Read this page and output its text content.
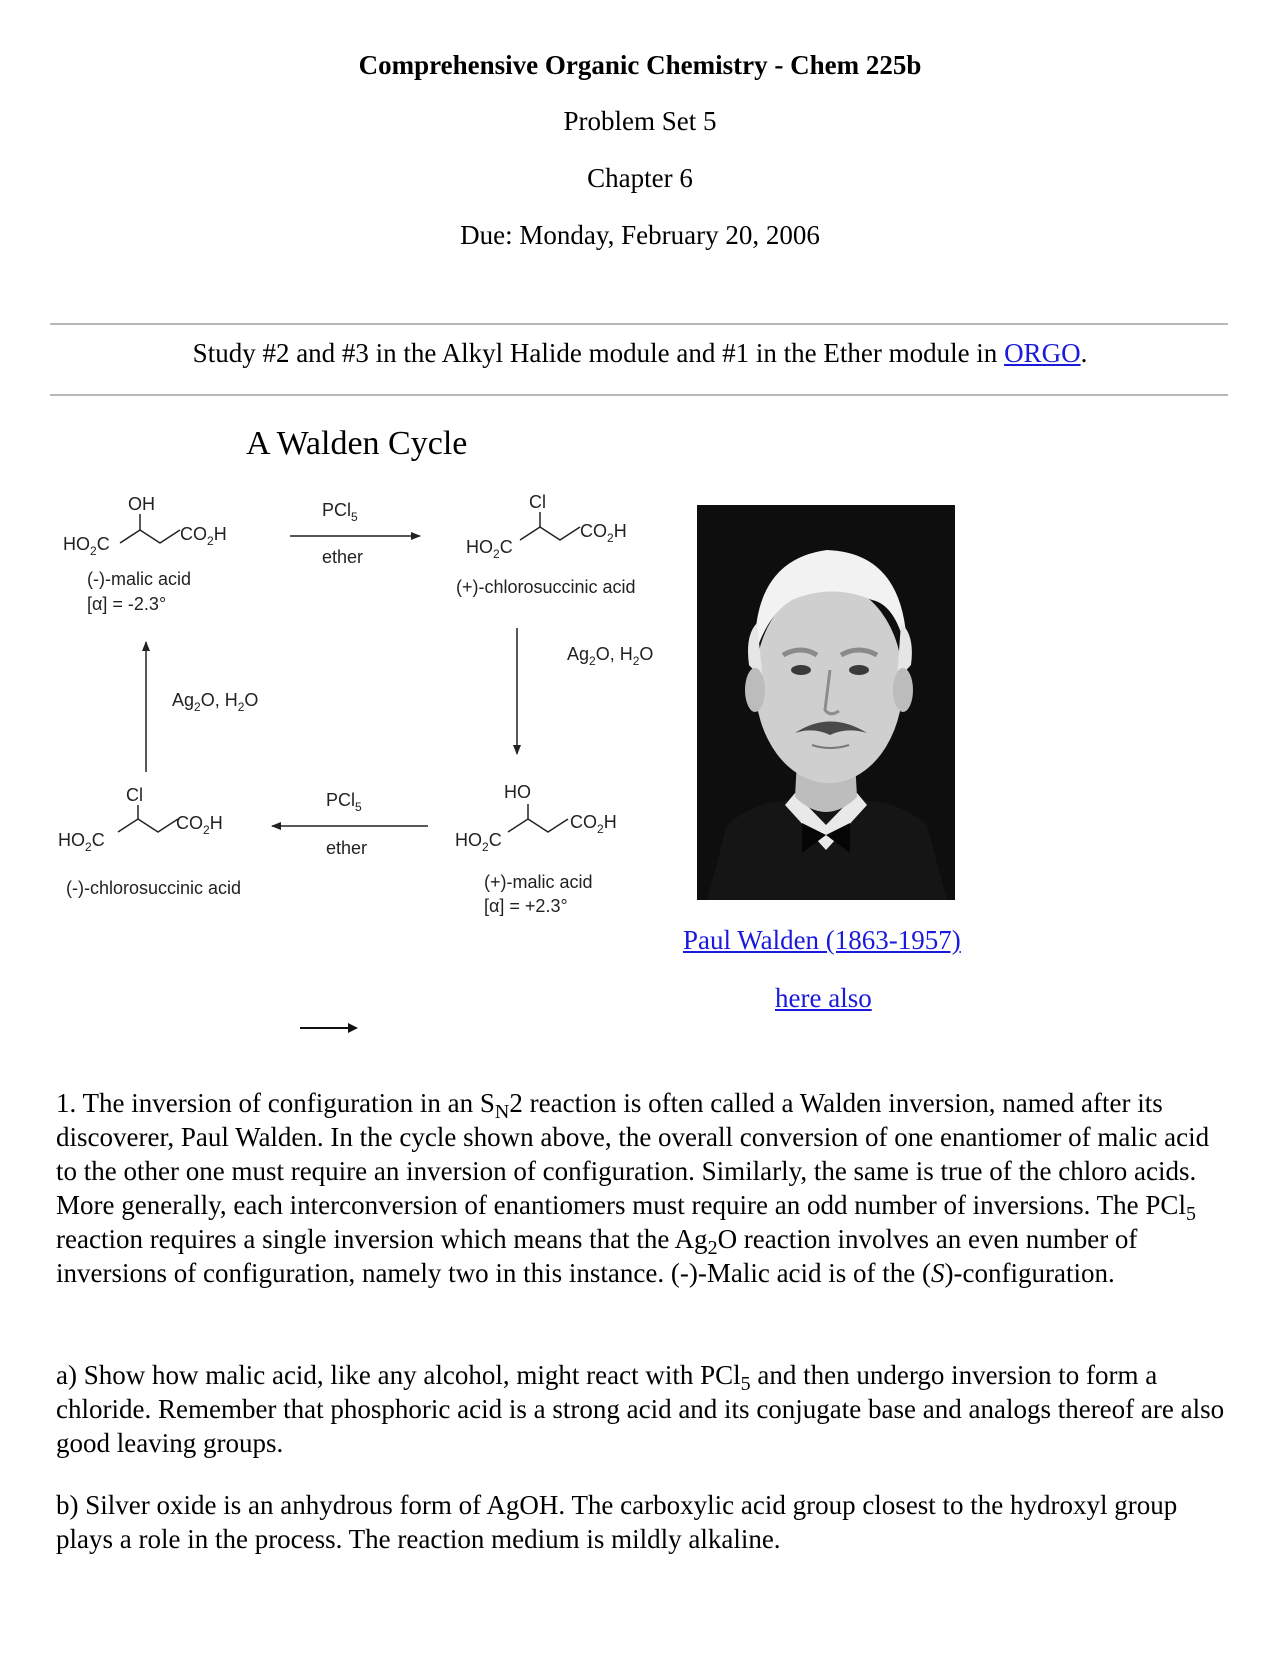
Comprehensive Organic Chemistry - Chem 225b

Problem Set 5

Chapter 6

Due: Monday, February 20, 2006

Study #2 and #3 in the Alkyl Halide module and #1 in the Ether module in ORGO.

A Walden Cycle
OH
$HO_2C$	$CO_2H$
(-)-malic acid
[α] = -2.3°
PCl$_5$
ether
Cl
$HO_2C$
$CO_2H$
(+)-chlorosuccinic acid
$Ag_2O$, $H_2O$
$Ag_2O$, $H_2O$
Cl
$HO_2C$
$CO_2H$
(-)-chlorosuccinic acid
PCl$_5$
ether
HO
$HO_2C$
$CO_2H$
(+)-malic acid
[α] = +2.3°
Paul Walden (1863-1957)
here also

1. The inversion of configuration in an $S_N2$ reaction is often called a Walden inversion, named after its discoverer, Paul Walden. In the cycle shown above, the overall conversion of one enantiomer of malic acid to the other one must require an inversion of configuration. Similarly, the same is true of the chloro acids. More generally, each interconversion of enantiomers must require an odd number of inversions. The PCl$_5$ reaction requires a single inversion which means that the $Ag_2O$ reaction involves an even number of inversions of configuration, namely two in this instance. (-)-Malic acid is of the (S)-configuration.

a) Show how malic acid, like any alcohol, might react with PCl$_5$ and then undergo inversion to form a chloride. Remember that phosphoric acid is a strong acid and its conjugate base and analogs thereof are also good leaving groups.

b) Silver oxide is an anhydrous form of AgOH. The carboxylic acid group closest to the hydroxyl group plays a role in the process. The reaction medium is mildly alkaline.
